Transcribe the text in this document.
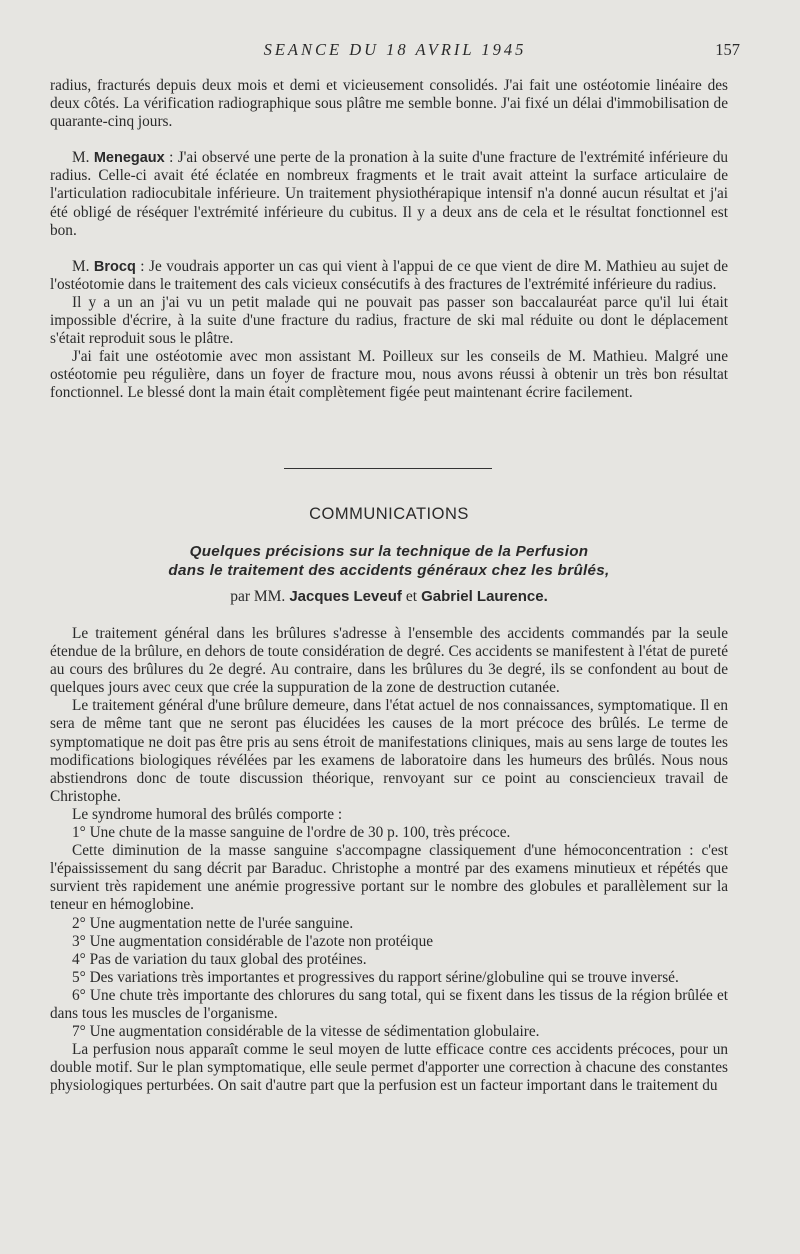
SEANCE DU 18 AVRIL 1945	157

radius, fracturés depuis deux mois et demi et vicieusement consolidés. J'ai fait une ostéotomie linéaire des deux côtés. La vérification radiographique sous plâtre me semble bonne. J'ai fixé un délai d'immobilisation de quarante-cinq jours.

M. Menegaux : J'ai observé une perte de la pronation à la suite d'une fracture de l'extrémité inférieure du radius. Celle-ci avait été éclatée en nombreux fragments et le trait avait atteint la surface articulaire de l'articulation radiocubitale inférieure. Un traitement physiothérapique intensif n'a donné aucun résultat et j'ai été obligé de réséquer l'extrémité inférieure du cubitus. Il y a deux ans de cela et le résultat fonctionnel est bon.

M. Brocq : Je voudrais apporter un cas qui vient à l'appui de ce que vient de dire M. Mathieu au sujet de l'ostéotomie dans le traitement des cals vicieux consécutifs à des fractures de l'extrémité inférieure du radius.

Il y a un an j'ai vu un petit malade qui ne pouvait pas passer son baccalauréat parce qu'il lui était impossible d'écrire, à la suite d'une fracture du radius, fracture de ski mal réduite ou dont le déplacement s'était reproduit sous le plâtre.

J'ai fait une ostéotomie avec mon assistant M. Poilleux sur les conseils de M. Mathieu. Malgré une ostéotomie peu régulière, dans un foyer de fracture mou, nous avons réussi à obtenir un très bon résultat fonctionnel. Le blessé dont la main était complètement figée peut maintenant écrire facilement.

COMMUNICATIONS
Quelques précisions sur la technique de la Perfusion
dans le traitement des accidents généraux chez les brûlés,
par MM. Jacques Leveuf et Gabriel Laurence.

Le traitement général dans les brûlures s'adresse à l'ensemble des accidents commandés par la seule étendue de la brûlure, en dehors de toute considération de degré. Ces accidents se manifestent à l'état de pureté au cours des brûlures du 2e degré. Au contraire, dans les brûlures du 3e degré, ils se confondent au bout de quelques jours avec ceux que crée la suppuration de la zone de destruction cutanée.

Le traitement général d'une brûlure demeure, dans l'état actuel de nos connaissances, symptomatique. Il en sera de même tant que ne seront pas élucidées les causes de la mort précoce des brûlés. Le terme de symptomatique ne doit pas être pris au sens étroit de manifestations cliniques, mais au sens large de toutes les modifications biologiques révélées par les examens de laboratoire dans les humeurs des brûlés. Nous nous abstiendrons donc de toute discussion théorique, renvoyant sur ce point au consciencieux travail de Christophe.

Le syndrome humoral des brûlés comporte :

1° Une chute de la masse sanguine de l'ordre de 30 p. 100, très précoce.

Cette diminution de la masse sanguine s'accompagne classiquement d'une hémoconcentration : c'est l'épaississement du sang décrit par Baraduc. Christophe a montré par des examens minutieux et répétés que survient très rapidement une anémie progressive portant sur le nombre des globules et parallèlement sur la teneur en hémoglobine.

2° Une augmentation nette de l'urée sanguine.

3° Une augmentation considérable de l'azote non protéique

4° Pas de variation du taux global des protéines.

5° Des variations très importantes et progressives du rapport sérine/globuline qui se trouve inversé.

6° Une chute très importante des chlorures du sang total, qui se fixent dans les tissus de la région brûlée et dans tous les muscles de l'organisme.

7° Une augmentation considérable de la vitesse de sédimentation globulaire.

La perfusion nous apparaît comme le seul moyen de lutte efficace contre ces accidents précoces, pour un double motif. Sur le plan symptomatique, elle seule permet d'apporter une correction à chacune des constantes physiologiques perturbées. On sait d'autre part que la perfusion est un facteur important dans le traitement du
